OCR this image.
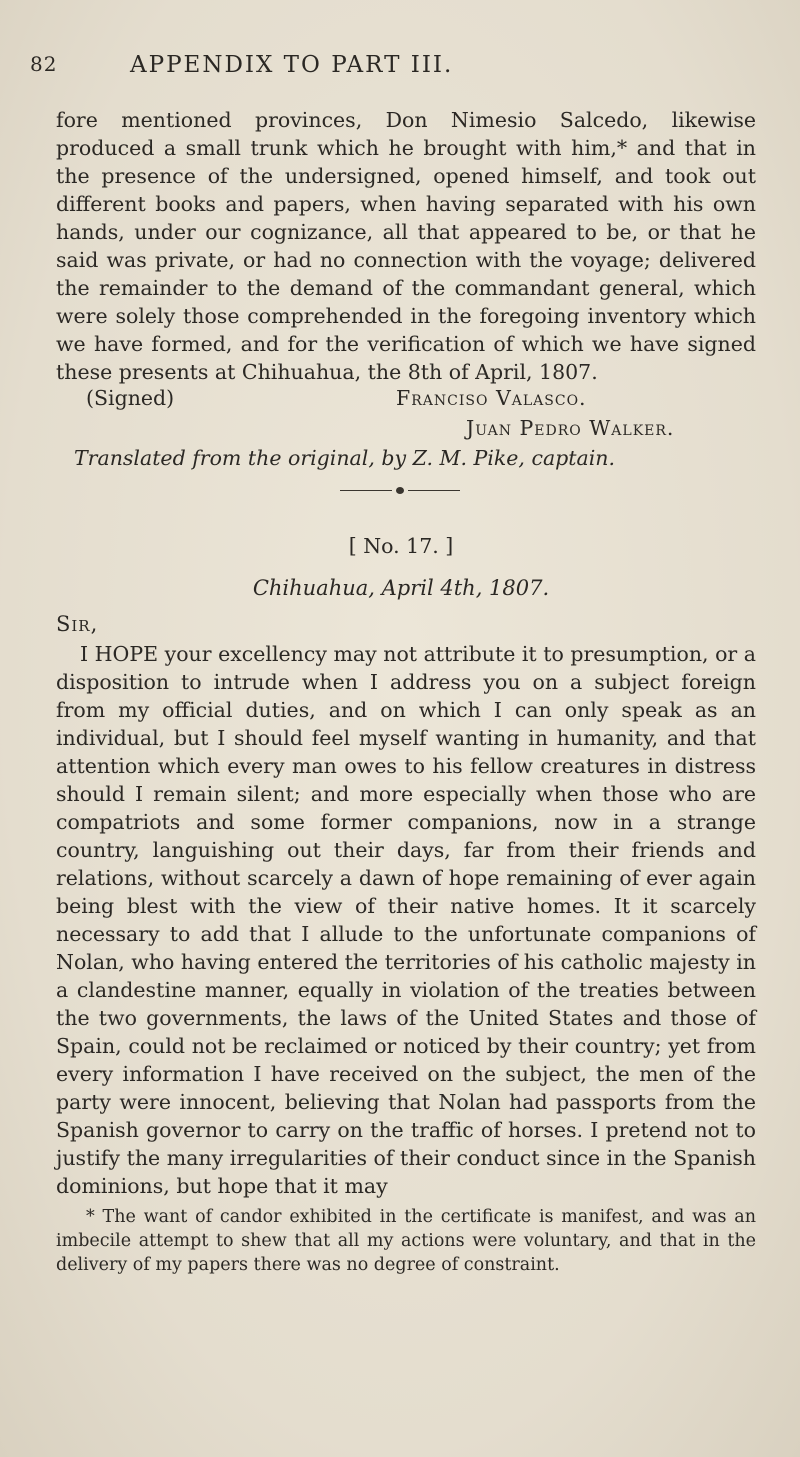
82	APPENDIX TO PART III.
fore mentioned provinces, Don Nimesio Salcedo, likewise produced a small trunk which he brought with him,* and that in the presence of the undersigned, opened himself, and took out different books and papers, when having separated with his own hands, under our cognizance, all that appeared to be, or that he said was private, or had no connection with the voyage; delivered the remainder to the demand of the commandant general, which were solely those comprehended in the foregoing inventory which we have formed, and for the verification of which we have signed these presents at Chihuahua, the 8th of April, 1807.
(Signed)	Franciso Valasco.
Juan Pedro Walker.
Translated from the original, by Z. M. Pike, captain.
[ No. 17. ]
Chihuahua, April 4th, 1807.
Sir,
I HOPE your excellency may not attribute it to presumption, or a disposition to intrude when I address you on a subject foreign from my official duties, and on which I can only speak as an individual, but I should feel myself wanting in humanity, and that attention which every man owes to his fellow creatures in distress should I remain silent; and more especially when those who are compatriots and some former companions, now in a strange country, languishing out their days, far from their friends and relations, without scarcely a dawn of hope remaining of ever again being blest with the view of their native homes. It it scarcely necessary to add that I allude to the unfortunate companions of Nolan, who having entered the territories of his catholic majesty in a clandestine manner, equally in violation of the treaties between the two governments, the laws of the United States and those of Spain, could not be reclaimed or noticed by their country; yet from every information I have received on the subject, the men of the party were innocent, believing that Nolan had passports from the Spanish governor to carry on the traffic of horses. I pretend not to justify the many irregularities of their conduct since in the Spanish dominions, but hope that it may
* The want of candor exhibited in the certificate is manifest, and was an imbecile attempt to shew that all my actions were voluntary, and that in the delivery of my papers there was no degree of constraint.
